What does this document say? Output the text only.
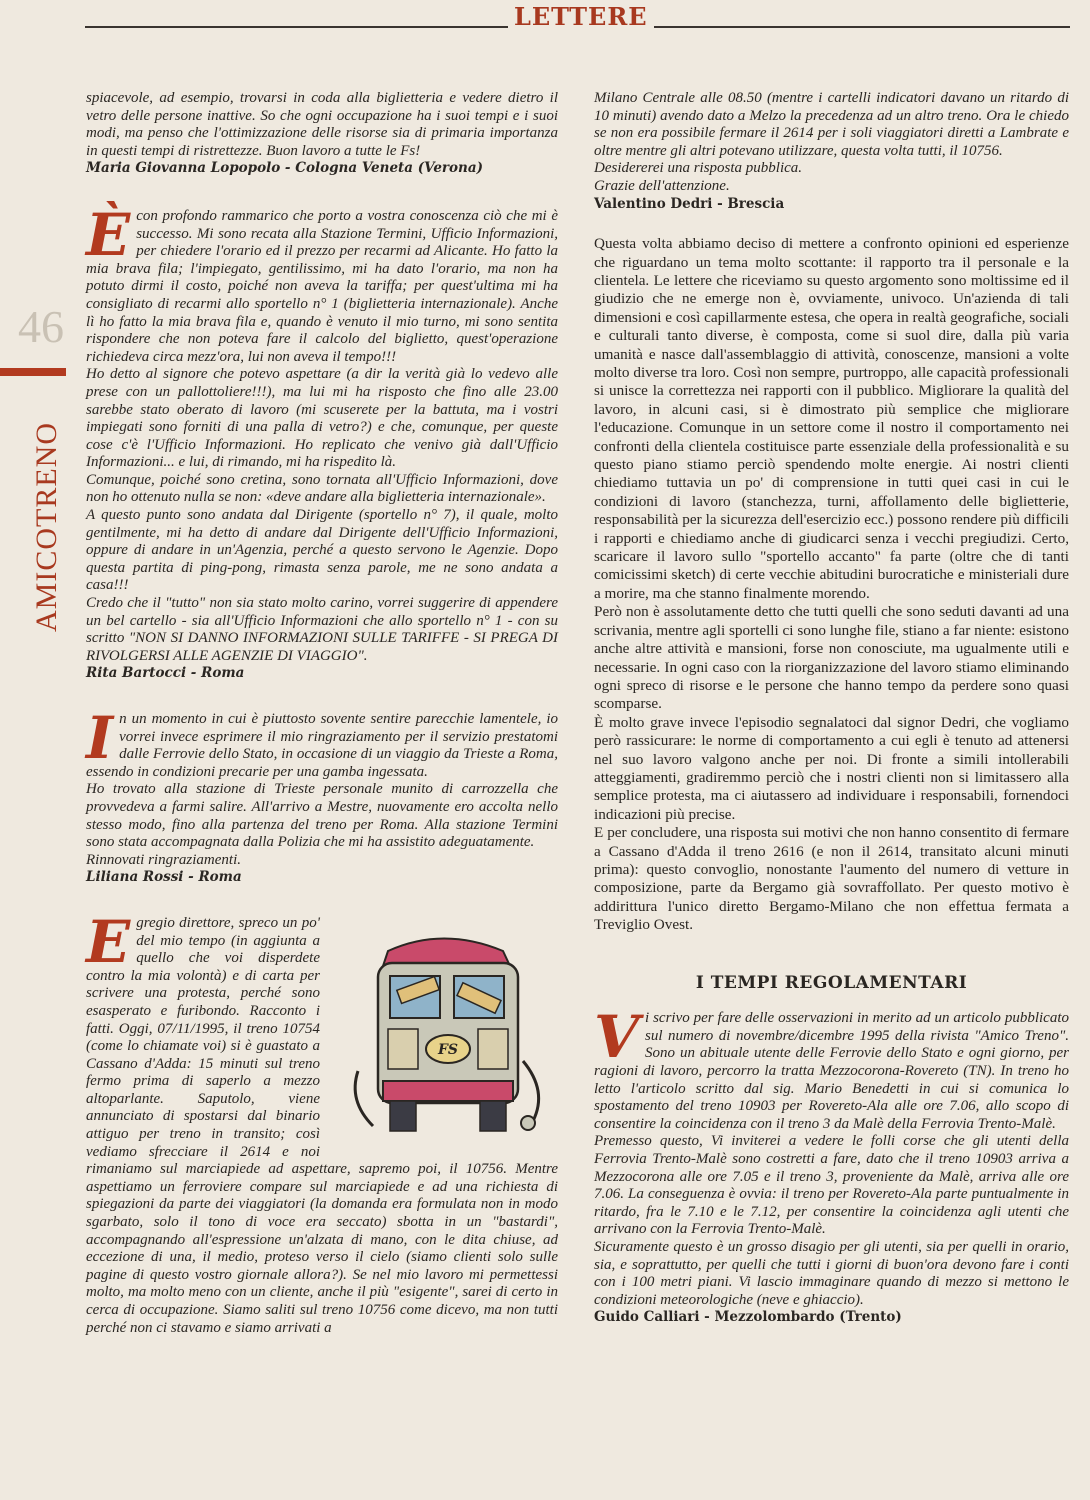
LETTERE
46
AMICOTRENO

spiacevole, ad esempio, trovarsi in coda alla biglietteria e vedere dietro il vetro delle persone inattive. So che ogni occupazione ha i suoi tempi e i suoi modi, ma penso che l'ottimizzazione delle risorse sia di primaria importanza in questi tempi di ristrettezze. Buon lavoro a tutte le Fs!

Maria Giovanna Lopopolo - Cologna Veneta (Verona)

Ècon profondo rammarico che porto a vostra conoscenza ciò che mi è successo. Mi sono recata alla Stazione Termini, Ufficio Informazioni, per chiedere l'orario ed il prezzo per recarmi ad Alicante. Ho fatto la mia brava fila; l'impiegato, gentilissimo, mi ha dato l'orario, ma non ha potuto dirmi il costo, poiché non aveva la tariffa; per quest'ultima mi ha consigliato di recarmi allo sportello n° 1 (biglietteria internazionale). Anche lì ho fatto la mia brava fila e, quando è venuto il mio turno, mi sono sentita rispondere che non poteva fare il calcolo del biglietto, quest'operazione richiedeva circa mezz'ora, lui non aveva il tempo!!!

Ho detto al signore che potevo aspettare (a dir la verità già lo vedevo alle prese con un pallottoliere!!!), ma lui mi ha risposto che fino alle 23.00 sarebbe stato oberato di lavoro (mi scuserete per la battuta, ma i vostri impiegati sono forniti di una palla di vetro?) e che, comunque, per queste cose c'è l'Ufficio Informazioni. Ho replicato che venivo già dall'Ufficio Informazioni... e lui, di rimando, mi ha rispedito là.

Comunque, poiché sono cretina, sono tornata all'Ufficio Informazioni, dove non ho ottenuto nulla se non: «deve andare alla biglietteria internazionale».

A questo punto sono andata dal Dirigente (sportello n° 7), il quale, molto gentilmente, mi ha detto di andare dal Dirigente dell'Ufficio Informazioni, oppure di andare in un'Agenzia, perché a questo servono le Agenzie. Dopo questa partita di ping-pong, rimasta senza parole, me ne sono andata a casa!!!

Credo che il "tutto" non sia stato molto carino, vorrei suggerire di appendere un bel cartello - sia all'Ufficio Informazioni che allo sportello n° 1 - con su scritto "NON SI DANNO INFORMAZIONI SULLE TARIFFE - SI PREGA DI RIVOLGERSI ALLE AGENZIE DI VIAGGIO".

Rita Bartocci - Roma

In un momento in cui è piuttosto sovente sentire parecchie lamentele, io vorrei invece esprimere il mio ringraziamento per il servizio prestatomi dalle Ferrovie dello Stato, in occasione di un viaggio da Trieste a Roma, essendo in condizioni precarie per una gamba ingessata.

Ho trovato alla stazione di Trieste personale munito di carrozzella che provvedeva a farmi salire. All'arrivo a Mestre, nuovamente ero accolta nello stesso modo, fino alla partenza del treno per Roma. Alla stazione Termini sono stata accompagnata dalla Polizia che mi ha assistito adeguatamente.

Rinnovati ringraziamenti.

Liliana Rossi - Roma

E
FS
gregio direttore, spreco un po' del mio tempo (in aggiunta a quello che voi disperdete contro la mia volontà) e di carta per scrivere una protesta, perché sono esasperato e furibondo. Racconto i fatti. Oggi, 07/11/1995, il treno 10754 (come lo chiamate voi) si è guastato a Cassano d'Adda: 15 minuti sul treno fermo prima di saperlo a mezzo altoparlante. Saputolo, viene annunciato di spostarsi dal binario attiguo per treno in transito; così vediamo sfrecciare il 2614 e noi rimaniamo sul marciapiede ad aspettare, sapremo poi, il 10756. Mentre aspettiamo un ferroviere compare sul marciapiede e ad una richiesta di spiegazioni da parte dei viaggiatori (la domanda era formulata non in modo sgarbato, solo il tono di voce era seccato) sbotta in un "bastardi", accompagnando all'espressione un'alzata di mano, con le dita chiuse, ad eccezione di una, il medio, proteso verso il cielo (siamo clienti solo sulle pagine di questo vostro giornale allora?). Se nel mio lavoro mi permettessi molto, ma molto meno con un cliente, anche il più "esigente", sarei di certo in cerca di occupazione. Siamo saliti sul treno 10756 come dicevo, ma non tutti perché non ci stavamo e siamo arrivati a

Milano Centrale alle 08.50 (mentre i cartelli indicatori davano un ritardo di 10 minuti) avendo dato a Melzo la precedenza ad un altro treno. Ora le chiedo se non era possibile fermare il 2614 per i soli viaggiatori diretti a Lambrate e oltre mentre gli altri potevano utilizzare, questa volta tutti, il 10756.

Desidererei una risposta pubblica.

Grazie dell'attenzione.

Valentino Dedri - Brescia

Questa volta abbiamo deciso di mettere a confronto opinioni ed esperienze che riguardano un tema molto scottante: il rapporto tra il personale e la clientela. Le lettere che riceviamo su questo argomento sono moltissime ed il giudizio che ne emerge non è, ovviamente, univoco. Un'azienda di tali dimensioni e così capillarmente estesa, che opera in realtà geografiche, sociali e culturali tanto diverse, è composta, come si suol dire, dalla più varia umanità e nasce dall'assemblaggio di attività, conoscenze, mansioni a volte molto diverse tra loro. Così non sempre, purtroppo, alle capacità professionali si unisce la correttezza nei rapporti con il pubblico. Migliorare la qualità del lavoro, in alcuni casi, si è dimostrato più semplice che migliorare l'educazione. Comunque in un settore come il nostro il comportamento nei confronti della clientela costituisce parte essenziale della professionalità e su questo piano stiamo perciò spendendo molte energie. Ai nostri clienti chiediamo tuttavia un po' di comprensione in tutti quei casi in cui le condizioni di lavoro (stanchezza, turni, affollamento delle biglietterie, responsabilità per la sicurezza dell'esercizio ecc.) possono rendere più difficili i rapporti e chiediamo anche di giudicarci senza i vecchi pregiudizi. Certo, scaricare il lavoro sullo "sportello accanto" fa parte (oltre che di tanti comicissimi sketch) di certe vecchie abitudini burocratiche e ministeriali dure a morire, ma che stanno finalmente morendo.

Però non è assolutamente detto che tutti quelli che sono seduti davanti ad una scrivania, mentre agli sportelli ci sono lunghe file, stiano a far niente: esistono anche altre attività e mansioni, forse non conosciute, ma ugualmente utili e necessarie. In ogni caso con la riorganizzazione del lavoro stiamo eliminando ogni spreco di risorse e le persone che hanno tempo da perdere sono quasi scomparse.

È molto grave invece l'episodio segnalatoci dal signor Dedri, che vogliamo però rassicurare: le norme di comportamento a cui egli è tenuto ad attenersi nel suo lavoro valgono anche per noi. Di fronte a simili intollerabili atteggiamenti, gradiremmo perciò che i nostri clienti non si limitassero alla semplice protesta, ma ci aiutassero ad individuare i responsabili, fornendoci indicazioni più precise.

E per concludere, una risposta sui motivi che non hanno consentito di fermare a Cassano d'Adda il treno 2616 (e non il 2614, transitato alcuni minuti prima): questo convoglio, nonostante l'aumento del numero di vetture in composizione, parte da Bergamo già sovraffollato. Per questo motivo è addirittura l'unico diretto Bergamo-Milano che non effettua fermata a Treviglio Ovest.

I TEMPI REGOLAMENTARI

Vi scrivo per fare delle osservazioni in merito ad un articolo pubblicato sul numero di novembre/dicembre 1995 della rivista "Amico Treno". Sono un abituale utente delle Ferrovie dello Stato e ogni giorno, per ragioni di lavoro, percorro la tratta Mezzocorona-Rovereto (TN). In treno ho letto l'articolo scritto dal sig. Mario Benedetti in cui si comunica lo spostamento del treno 10903 per Rovereto-Ala alle ore 7.06, allo scopo di consentire la coincidenza con il treno 3 da Malè della Ferrovia Trento-Malè.

Premesso questo, Vi inviterei a vedere le folli corse che gli utenti della Ferrovia Trento-Malè sono costretti a fare, dato che il treno 10903 arriva a Mezzocorona alle ore 7.05 e il treno 3, proveniente da Malè, arriva alle ore 7.06. La conseguenza è ovvia: il treno per Rovereto-Ala parte puntualmente in ritardo, fra le 7.10 e le 7.12, per consentire la coincidenza agli utenti che arrivano con la Ferrovia Trento-Malè.

Sicuramente questo è un grosso disagio per gli utenti, sia per quelli in orario, sia, e soprattutto, per quelli che tutti i giorni di buon'ora devono fare i conti con i 100 metri piani. Vi lascio immaginare quando di mezzo si mettono le condizioni meteorologiche (neve e ghiaccio).

Guido Calliari - Mezzolombardo (Trento)
